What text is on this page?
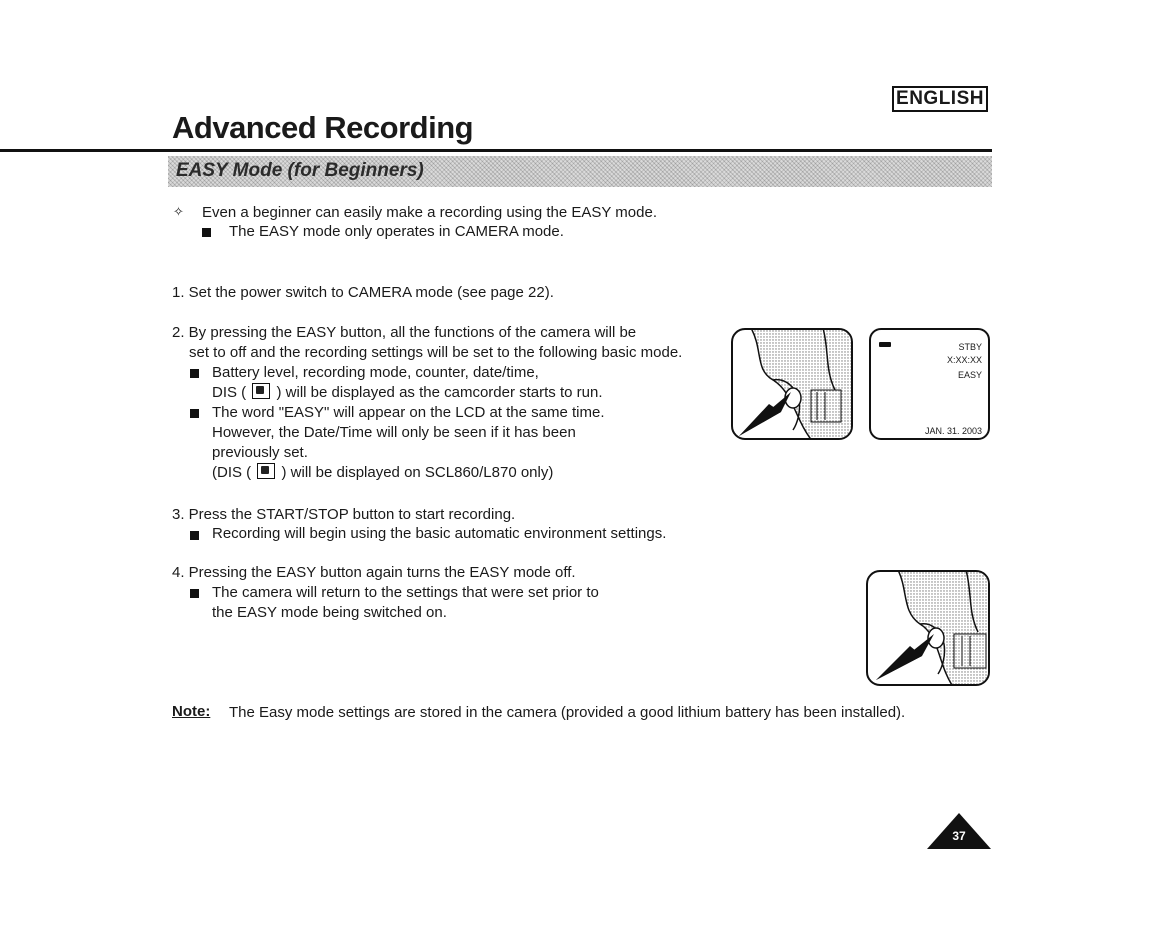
ENGLISH
Advanced Recording
EASY Mode (for Beginners)
✧ Even a beginner can easily make a recording using the EASY mode.
The EASY mode only operates in CAMERA mode.
1. Set the power switch to CAMERA mode (see page 22).
2. By pressing the EASY button, all the functions of the camera will be
set to off and the recording settings will be set to the following basic mode.
Battery level, recording mode, counter, date/time,
DIS ( ) will be displayed as the camcorder starts to run.
The word "EASY" will appear on the LCD at the same time.
However, the Date/Time will only be seen if it has been
previously set.
(DIS ( ) will be displayed on SCL860/L870 only)
3. Press the START/STOP button to start recording.
Recording will begin using the basic automatic environment settings.
4. Pressing the EASY button again turns the EASY mode off.
The camera will return to the settings that were set prior to
the EASY mode being switched on.
STBY
X:XX:XX
EASY
JAN. 31. 2003
Note: The Easy mode settings are stored in the camera (provided a good lithium battery has been installed).
37
